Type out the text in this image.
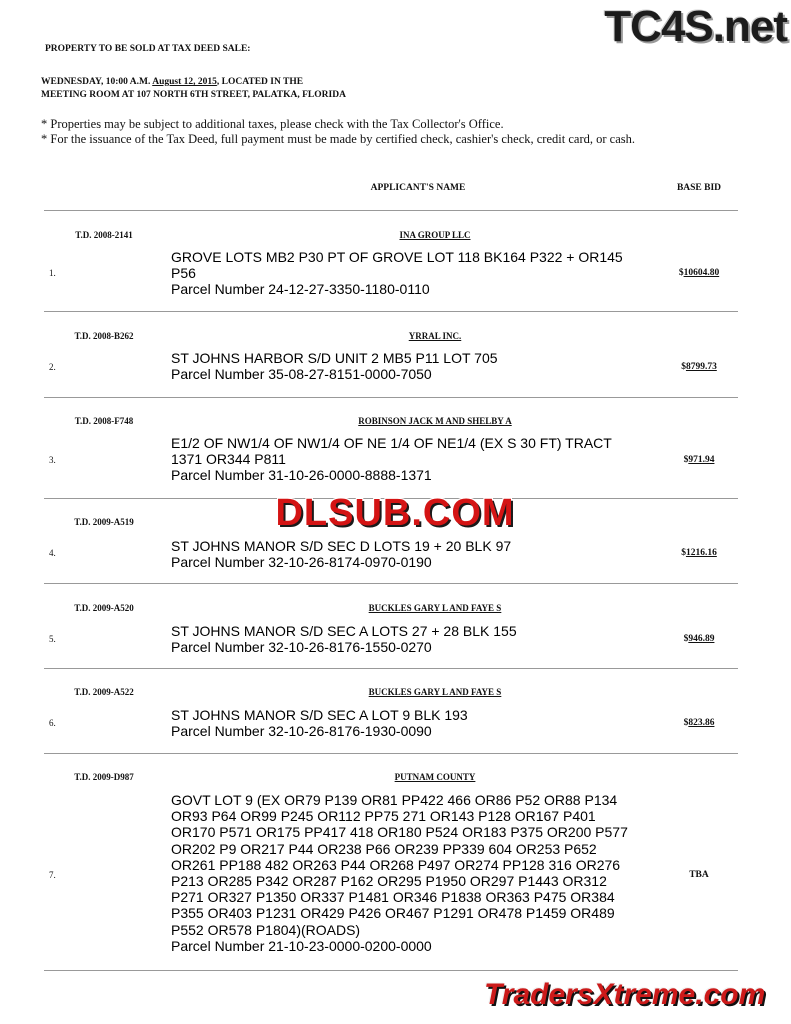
TC4S.net
PROPERTY TO BE SOLD AT TAX DEED SALE:
WEDNESDAY, 10:00 A.M. August 12, 2015, LOCATED IN THE
MEETING ROOM AT 107 NORTH 6TH STREET, PALATKA, FLORIDA
* Properties may be subject to additional taxes, please check with the Tax Collector's Office.
* For the issuance of the Tax Deed, full payment must be made by certified check, cashier's check, credit card, or cash.
APPLICANT'S NAME	BASE BID
T.D. 2008-2141	INA GROUP LLC
1.
GROVE LOTS MB2 P30 PT OF GROVE LOT 118 BK164 P322 + OR145
P56
Parcel Number 24-12-27-3350-1180-0110
$10604.80
T.D. 2008-B262	YRRAL INC.
2.
ST JOHNS HARBOR S/D UNIT 2 MB5 P11 LOT 705
Parcel Number 35-08-27-8151-0000-7050	$8799.73
T.D. 2008-F748	ROBINSON JACK M AND SHELBY A
3.
E1/2 OF NW1/4 OF NW1/4 OF NE 1/4 OF NE1/4 (EX S 30 FT) TRACT
1371 OR344 P811
Parcel Number 31-10-26-0000-8888-1371
$971.94
T.D. 2009-A519
4.	ST JOHNS MANOR S/D SEC D LOTS 19 + 20 BLK 97
Parcel Number 32-10-26-8174-0970-0190
$1216.16
T.D. 2009-A520	BUCKLES GARY L AND FAYE S
5.	ST JOHNS MANOR S/D SEC A LOTS 27 + 28 BLK 155
Parcel Number 32-10-26-8176-1550-0270
$946.89
T.D. 2009-A522	BUCKLES GARY L AND FAYE S
6.	ST JOHNS MANOR S/D SEC A LOT 9 BLK 193
Parcel Number 32-10-26-8176-1930-0090
$823.86
T.D. 2009-D987	PUTNAM COUNTY
7.
GOVT LOT 9 (EX OR79 P139 OR81 PP422 466 OR86 P52 OR88 P134
OR93 P64 OR99 P245 OR112 PP75 271 OR143 P128 OR167 P401
OR170 P571 OR175 PP417 418 OR180 P524 OR183 P375 OR200 P577
OR202 P9 OR217 P44 OR238 P66 OR239 PP339 604 OR253 P652
OR261 PP188 482 OR263 P44 OR268 P497 OR274 PP128 316 OR276
P213 OR285 P342 OR287 P162 OR295 P1950 OR297 P1443 OR312
P271 OR327 P1350 OR337 P1481 OR346 P1838 OR363 P475 OR384
P355 OR403 P1231 OR429 P426 OR467 P1291 OR478 P1459 OR489
P552 OR578 P1804)(ROADS)
Parcel Number 21-10-23-0000-0200-0000
TBA
DLSUB.COM
TradersXtreme.com
